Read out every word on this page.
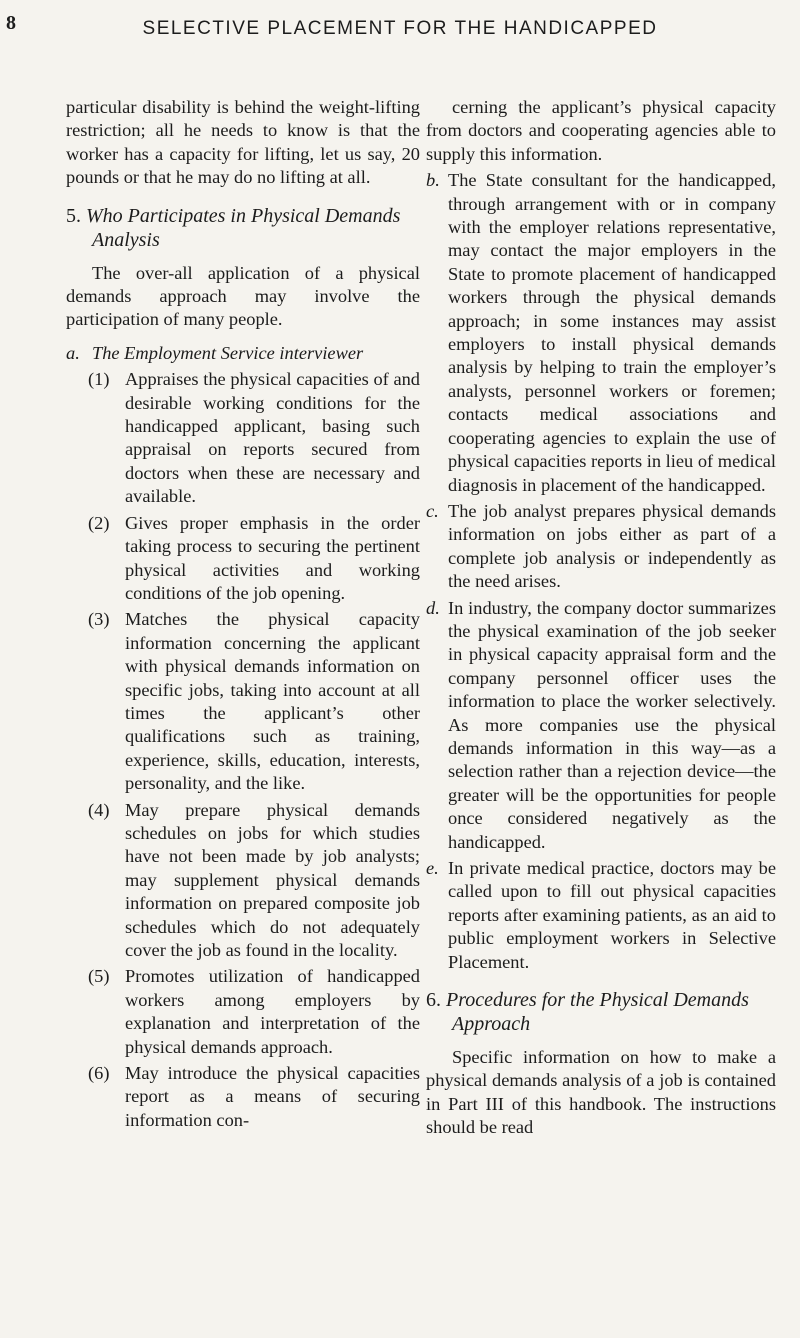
8	SELECTIVE PLACEMENT FOR THE HANDICAPPED

particular disability is behind the weight-lifting restriction; all he needs to know is that the worker has a capacity for lifting, let us say, 20 pounds or that he may do no lifting at all.

5. Who Participates in Physical Demands Analysis

The over-all application of a physical demands approach may involve the participation of many people.

a. The Employment Service interviewer
(1) Appraises the physical capacities of and desirable working conditions for the handicapped applicant, basing such appraisal on reports secured from doctors when these are necessary and available.
(2) Gives proper emphasis in the order taking process to securing the pertinent physical activities and working conditions of the job opening.
(3) Matches the physical capacity information concerning the applicant with physical demands information on specific jobs, taking into account at all times the applicant’s other qualifications such as training, experience, skills, education, interests, personality, and the like.
(4) May prepare physical demands schedules on jobs for which studies have not been made by job analysts; may supplement physical demands information on prepared composite job schedules which do not adequately cover the job as found in the locality.
(5) Promotes utilization of handicapped workers among employers by explanation and interpretation of the physical demands approach.
(6) May introduce the physical capacities report as a means of securing information con-

cerning the applicant’s physical capacity from doctors and cooperating agencies able to supply this information.

b. The State consultant for the handicapped, through arrangement with or in company with the employer relations representative, may contact the major employers in the State to promote placement of handicapped workers through the physical demands approach; in some instances may assist employers to install physical demands analysis by helping to train the employer’s analysts, personnel workers or foremen; contacts medical associations and cooperating agencies to explain the use of physical capacities reports in lieu of medical diagnosis in placement of the handicapped.
c. The job analyst prepares physical demands information on jobs either as part of a complete job analysis or independently as the need arises.
d. In industry, the company doctor summarizes the physical examination of the job seeker in physical capacity appraisal form and the company personnel officer uses the information to place the worker selectively. As more companies use the physical demands information in this way—as a selection rather than a rejection device—the greater will be the opportunities for people once considered negatively as the handicapped.
e. In private medical practice, doctors may be called upon to fill out physical capacities reports after examining patients, as an aid to public employment workers in Selective Placement.
6. Procedures for the Physical Demands Approach

Specific information on how to make a physical demands analysis of a job is contained in Part III of this handbook. The instructions should be read
